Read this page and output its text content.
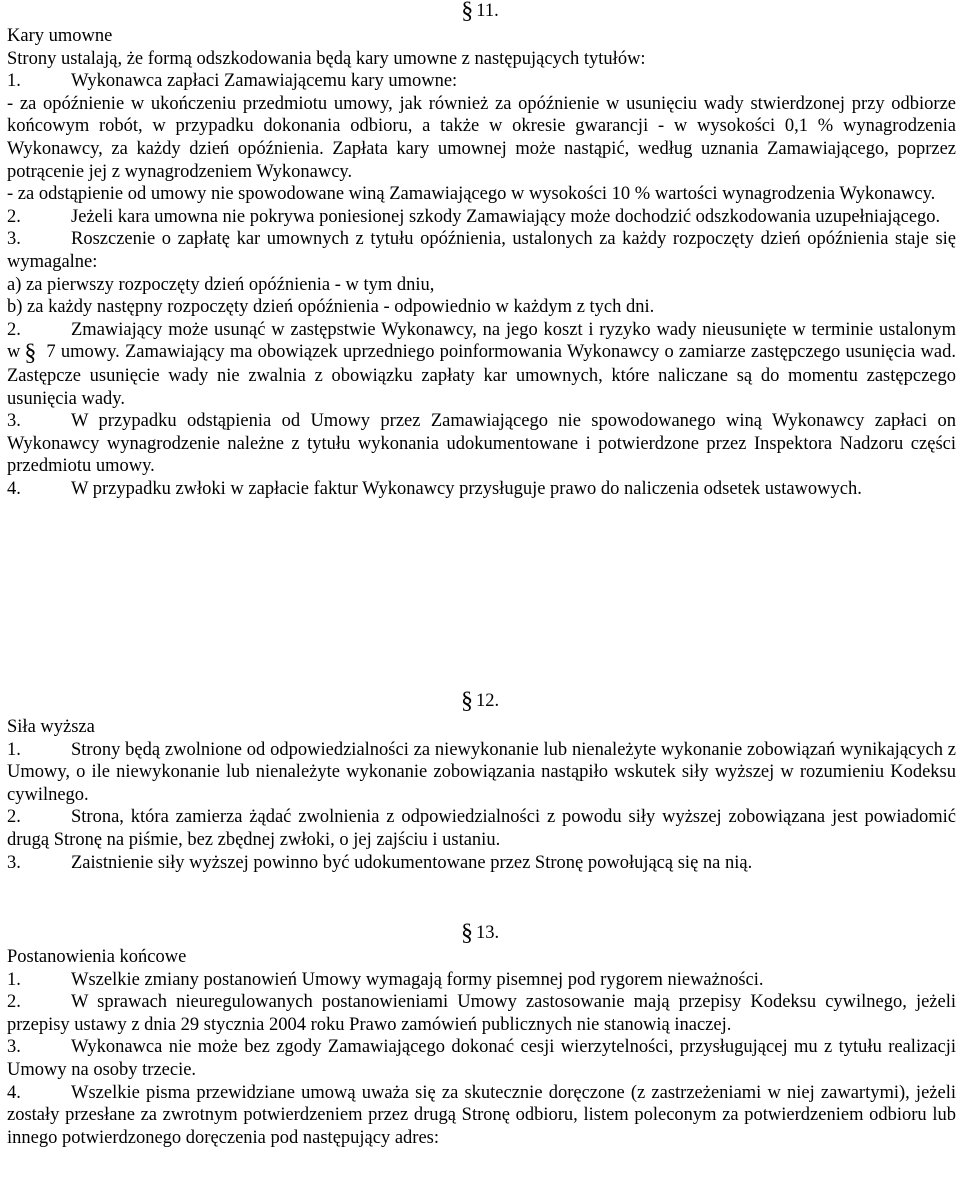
§ 11.
Kary umowne
Strony ustalają, że formą odszkodowania będą kary umowne z następujących tytułów:
1.	Wykonawca zapłaci Zamawiającemu kary umowne:
- za opóźnienie w ukończeniu przedmiotu umowy, jak również za opóźnienie w usunięciu wady stwierdzonej przy odbiorze końcowym robót, w przypadku dokonania odbioru, a także w okresie gwarancji - w wysokości 0,1 % wynagrodzenia Wykonawcy, za każdy dzień opóźnienia. Zapłata kary umownej może nastąpić, według uznania Zamawiającego, poprzez potrącenie jej z wynagrodzeniem Wykonawcy.
- za odstąpienie od umowy nie spowodowane winą Zamawiającego w wysokości 10 % wartości wynagrodzenia Wykonawcy.
2.	Jeżeli kara umowna nie pokrywa poniesionej szkody Zamawiający może dochodzić odszkodowania uzupełniającego.
3.	Roszczenie o zapłatę kar umownych z tytułu opóźnienia, ustalonych za każdy rozpoczęty dzień opóźnienia staje się wymagalne:
a) za pierwszy rozpoczęty dzień opóźnienia - w tym dniu,
b) za każdy następny rozpoczęty dzień opóźnienia - odpowiednio w każdym z tych dni.
2.	Zmawiający może usunąć w zastępstwie Wykonawcy, na jego koszt i ryzyko wady nieusunięte w terminie ustalonym w § 7 umowy. Zamawiający ma obowiązek uprzedniego poinformowania Wykonawcy o zamiarze zastępczego usunięcia wad. Zastępcze usunięcie wady nie zwalnia z obowiązku zapłaty kar umownych, które naliczane są do momentu zastępczego usunięcia wady.
3.	W przypadku odstąpienia od Umowy przez Zamawiającego nie spowodowanego winą Wykonawcy zapłaci on Wykonawcy wynagrodzenie należne z tytułu wykonania udokumentowane i potwierdzone przez Inspektora Nadzoru części przedmiotu umowy.
4.	W przypadku zwłoki w zapłacie faktur Wykonawcy przysługuje prawo do naliczenia odsetek ustawowych.
§ 12.
Siła wyższa
1.	Strony będą zwolnione od odpowiedzialności za niewykonanie lub nienależyte wykonanie zobowiązań wynikających z Umowy, o ile niewykonanie lub nienależyte wykonanie zobowiązania nastąpiło wskutek siły wyższej w rozumieniu Kodeksu cywilnego.
2.	Strona, która zamierza żądać zwolnienia z odpowiedzialności z powodu siły wyższej zobowiązana jest powiadomić drugą Stronę na piśmie, bez zbędnej zwłoki, o jej zajściu i ustaniu.
3.	Zaistnienie siły wyższej powinno być udokumentowane przez Stronę powołującą się na nią.
§ 13.
Postanowienia końcowe
1.	Wszelkie zmiany postanowień Umowy wymagają formy pisemnej pod rygorem nieważności.
2.	W sprawach nieuregulowanych postanowieniami Umowy zastosowanie mają przepisy Kodeksu cywilnego, jeżeli przepisy ustawy z dnia 29 stycznia 2004 roku Prawo zamówień publicznych nie stanowią inaczej.
3.	Wykonawca nie może bez zgody Zamawiającego dokonać cesji wierzytelności, przysługującej mu z tytułu realizacji Umowy na osoby trzecie.
4.	Wszelkie pisma przewidziane umową uważa się za skutecznie doręczone (z zastrzeżeniami w niej zawartymi), jeżeli zostały przesłane za zwrotnym potwierdzeniem przez drugą Stronę odbioru, listem poleconym za potwierdzeniem odbioru lub innego potwierdzonego doręczenia pod następujący adres:
